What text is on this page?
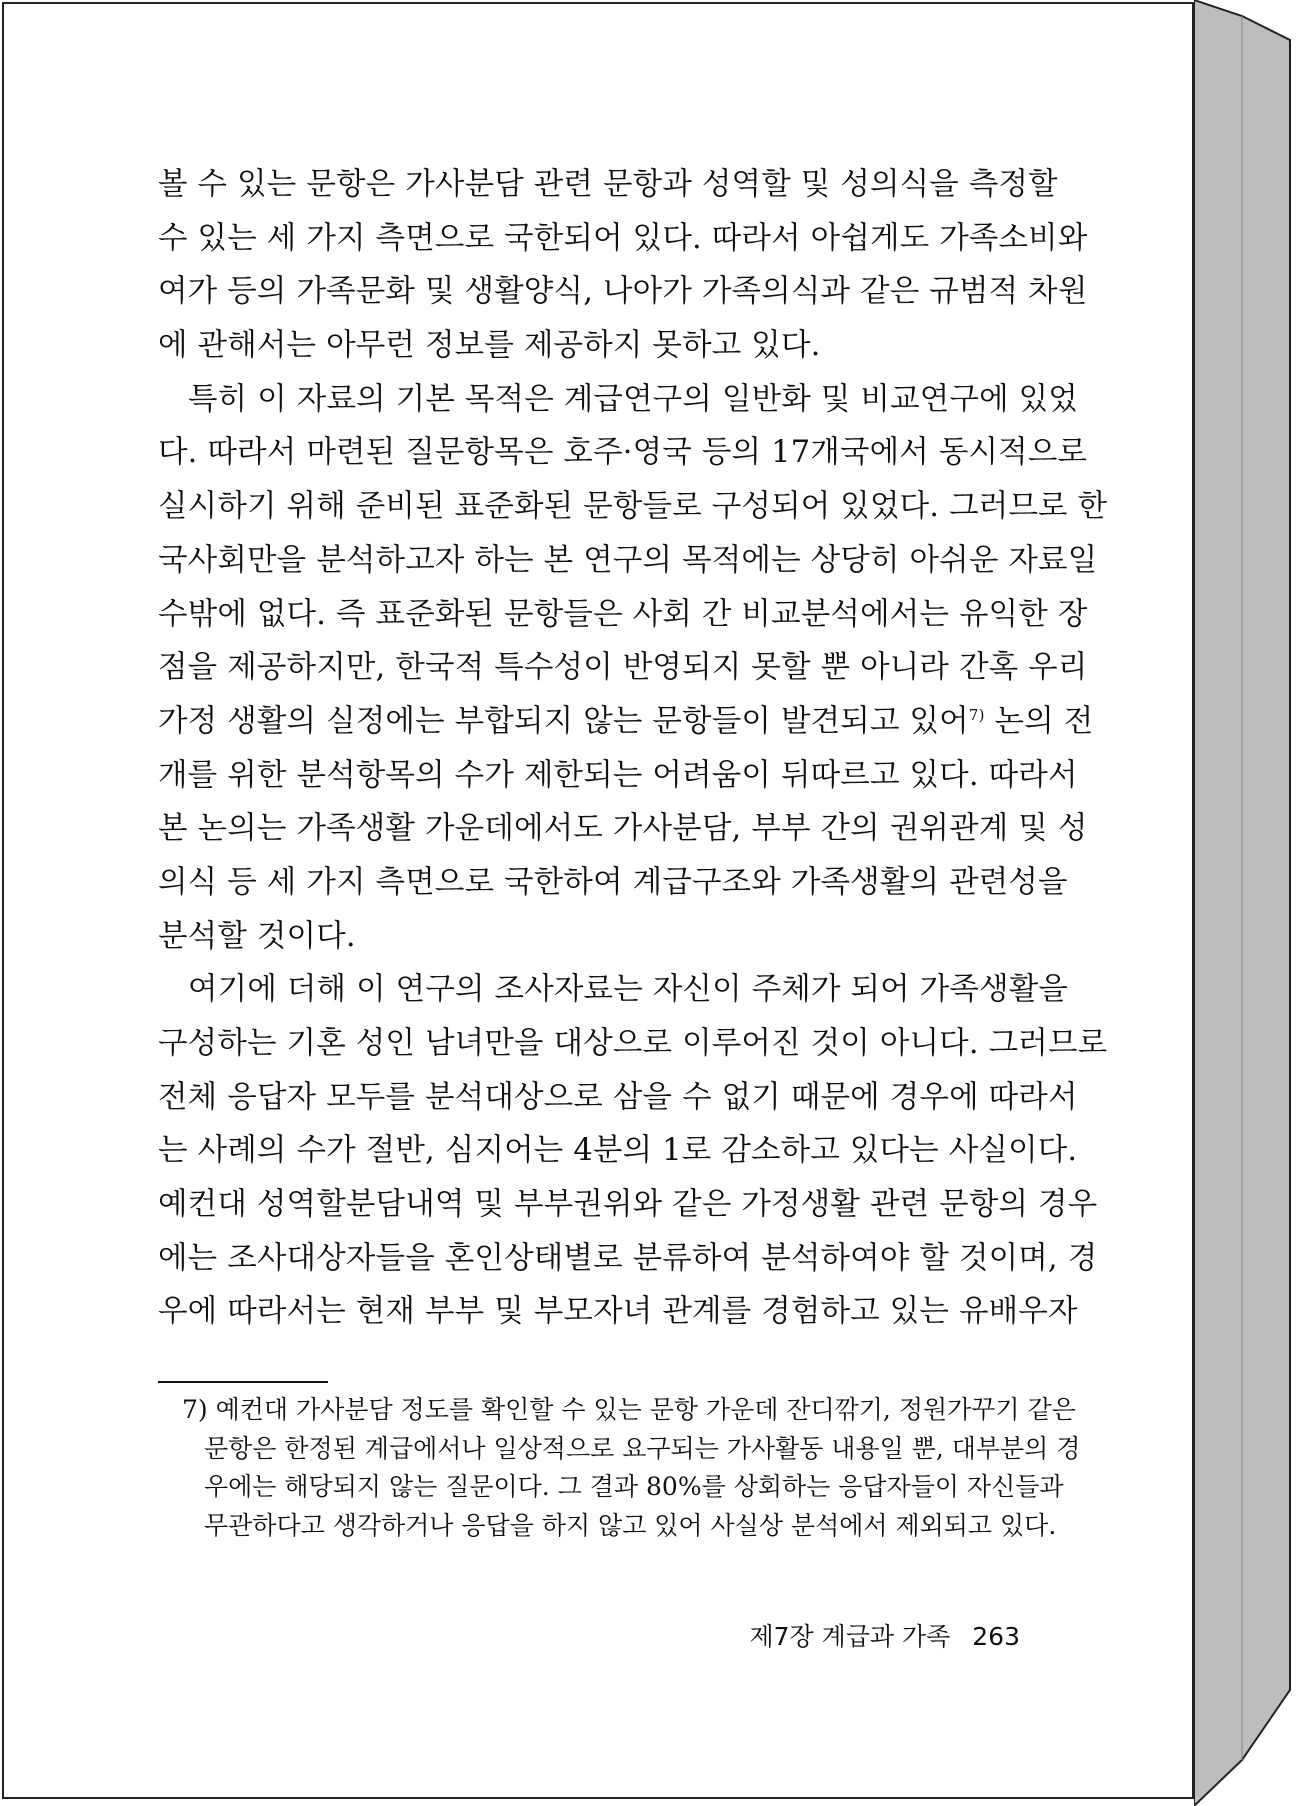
볼 수 있는 문항은 가사분담 관련 문항과 성역할 및 성의식을 측정할
수 있는 세 가지 측면으로 국한되어 있다. 따라서 아쉽게도 가족소비와
여가 등의 가족문화 및 생활양식, 나아가 가족의식과 같은 규범적 차원
에 관해서는 아무런 정보를 제공하지 못하고 있다.
특히 이 자료의 기본 목적은 계급연구의 일반화 및 비교연구에 있었
다. 따라서 마련된 질문항목은 호주·영국 등의 17개국에서 동시적으로
실시하기 위해 준비된 표준화된 문항들로 구성되어 있었다. 그러므로 한
국사회만을 분석하고자 하는 본 연구의 목적에는 상당히 아쉬운 자료일
수밖에 없다. 즉 표준화된 문항들은 사회 간 비교분석에서는 유익한 장
점을 제공하지만, 한국적 특수성이 반영되지 못할 뿐 아니라 간혹 우리
가정 생활의 실정에는 부합되지 않는 문항들이 발견되고 있어$^{7)}$ 논의 전
개를 위한 분석항목의 수가 제한되는 어려움이 뒤따르고 있다. 따라서
본 논의는 가족생활 가운데에서도 가사분담, 부부 간의 권위관계 및 성
의식 등 세 가지 측면으로 국한하여 계급구조와 가족생활의 관련성을
분석할 것이다.
여기에 더해 이 연구의 조사자료는 자신이 주체가 되어 가족생활을
구성하는 기혼 성인 남녀만을 대상으로 이루어진 것이 아니다. 그러므로
전체 응답자 모두를 분석대상으로 삼을 수 없기 때문에 경우에 따라서
는 사례의 수가 절반, 심지어는 4분의 1로 감소하고 있다는 사실이다.
예컨대 성역할분담내역 및 부부권위와 같은 가정생활 관련 문항의 경우
에는 조사대상자들을 혼인상태별로 분류하여 분석하여야 할 것이며, 경
우에 따라서는 현재 부부 및 부모자녀 관계를 경험하고 있는 유배우자
7) 예컨대 가사분담 정도를 확인할 수 있는 문항 가운데 잔디깎기, 정원가꾸기 같은
문항은 한정된 계급에서나 일상적으로 요구되는 가사활동 내용일 뿐, 대부분의 경
우에는 해당되지 않는 질문이다. 그 결과 80%를 상회하는 응답자들이 자신들과
무관하다고 생각하거나 응답을 하지 않고 있어 사실상 분석에서 제외되고 있다.
제7장 계급과 가족 263
